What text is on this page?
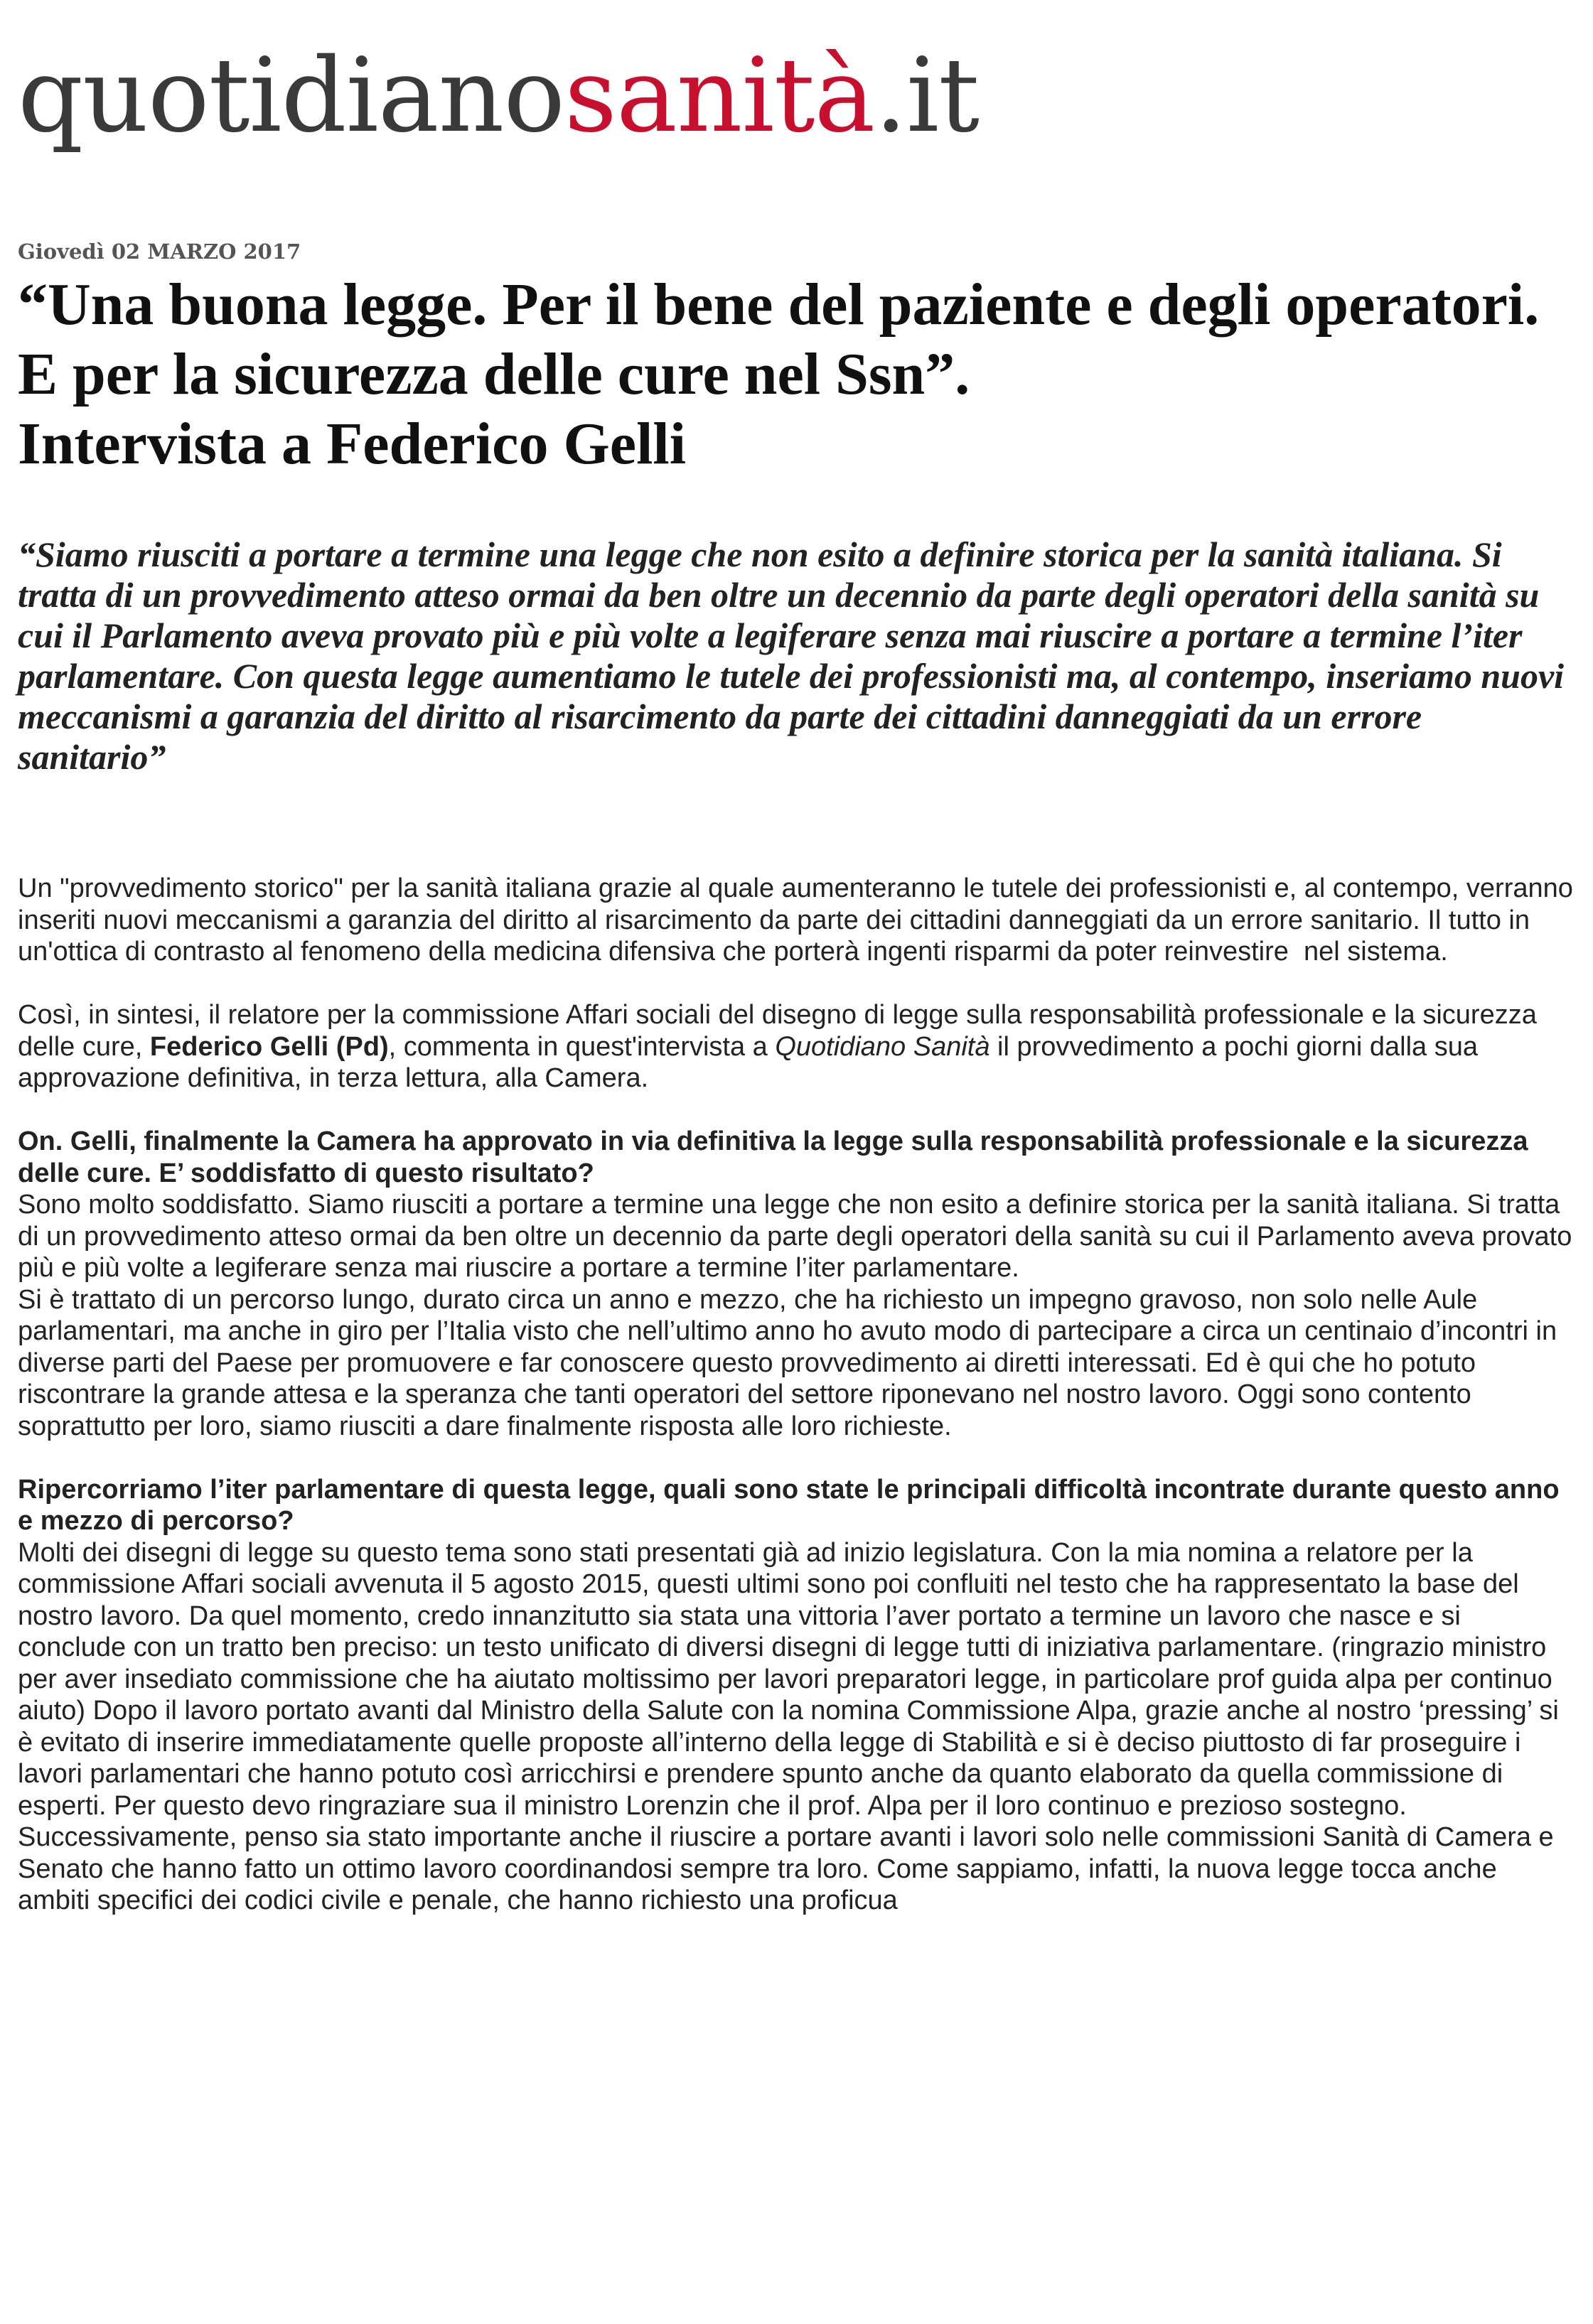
quotidianosanità.it
Giovedì 02 MARZO 2017
“Una buona legge. Per il bene del paziente e degli operatori. E per la sicurezza delle cure nel Ssn”.
Intervista a Federico Gelli

“Siamo riusciti a portare a termine una legge che non esito a definire storica per la sanità italiana. Si tratta di un provvedimento atteso ormai da ben oltre un decennio da parte degli operatori della sanità su cui il Parlamento aveva provato più e più volte a legiferare senza mai riuscire a portare a termine l’iter parlamentare. Con questa legge aumentiamo le tutele dei professionisti ma, al contempo, inseriamo nuovi meccanismi a garanzia del diritto al risarcimento da parte dei cittadini danneggiati da un errore sanitario”

Un "provvedimento storico" per la sanità italiana grazie al quale aumenteranno le tutele dei professionisti e, al contempo, verranno inseriti nuovi meccanismi a garanzia del diritto al risarcimento da parte dei cittadini danneggiati da un errore sanitario. Il tutto in un'ottica di contrasto al fenomeno della medicina difensiva che porterà ingenti risparmi da poter reinvestire  nel sistema.

Così, in sintesi, il relatore per la commissione Affari sociali del disegno di legge sulla responsabilità professionale e la sicurezza delle cure, Federico Gelli (Pd), commenta in quest'intervista a Quotidiano Sanità il provvedimento a pochi giorni dalla sua approvazione definitiva, in terza lettura, alla Camera.

On. Gelli, finalmente la Camera ha approvato in via definitiva la legge sulla responsabilità professionale e la sicurezza delle cure. E’ soddisfatto di questo risultato?

Sono molto soddisfatto. Siamo riusciti a portare a termine una legge che non esito a definire storica per la sanità italiana. Si tratta di un provvedimento atteso ormai da ben oltre un decennio da parte degli operatori della sanità su cui il Parlamento aveva provato più e più volte a legiferare senza mai riuscire a portare a termine l’iter parlamentare.

Si è trattato di un percorso lungo, durato circa un anno e mezzo, che ha richiesto un impegno gravoso, non solo nelle Aule parlamentari, ma anche in giro per l’Italia visto che nell’ultimo anno ho avuto modo di partecipare a circa un centinaio d’incontri in diverse parti del Paese per promuovere e far conoscere questo provvedimento ai diretti interessati. Ed è qui che ho potuto riscontrare la grande attesa e la speranza che tanti operatori del settore riponevano nel nostro lavoro. Oggi sono contento soprattutto per loro, siamo riusciti a dare finalmente risposta alle loro richieste.

Ripercorriamo l’iter parlamentare di questa legge, quali sono state le principali difficoltà incontrate durante questo anno e mezzo di percorso?

Molti dei disegni di legge su questo tema sono stati presentati già ad inizio legislatura. Con la mia nomina a relatore per la commissione Affari sociali avvenuta il 5 agosto 2015, questi ultimi sono poi confluiti nel testo che ha rappresentato la base del nostro lavoro. Da quel momento, credo innanzitutto sia stata una vittoria l’aver portato a termine un lavoro che nasce e si conclude con un tratto ben preciso: un testo unificato di diversi disegni di legge tutti di iniziativa parlamentare. (ringrazio ministro per aver insediato commissione che ha aiutato moltissimo per lavori preparatori legge, in particolare prof guida alpa per continuo aiuto) Dopo il lavoro portato avanti dal Ministro della Salute con la nomina Commissione Alpa, grazie anche al nostro ‘pressing’ si è evitato di inserire immediatamente quelle proposte all’interno della legge di Stabilità e si è deciso piuttosto di far proseguire i lavori parlamentari che hanno potuto così arricchirsi e prendere spunto anche da quanto elaborato da quella commissione di esperti. Per questo devo ringraziare sua il ministro Lorenzin che il prof. Alpa per il loro continuo e prezioso sostegno.

Successivamente, penso sia stato importante anche il riuscire a portare avanti i lavori solo nelle commissioni Sanità di Camera e Senato che hanno fatto un ottimo lavoro coordinandosi sempre tra loro. Come sappiamo, infatti, la nuova legge tocca anche ambiti specifici dei codici civile e penale, che hanno richiesto una proficua
